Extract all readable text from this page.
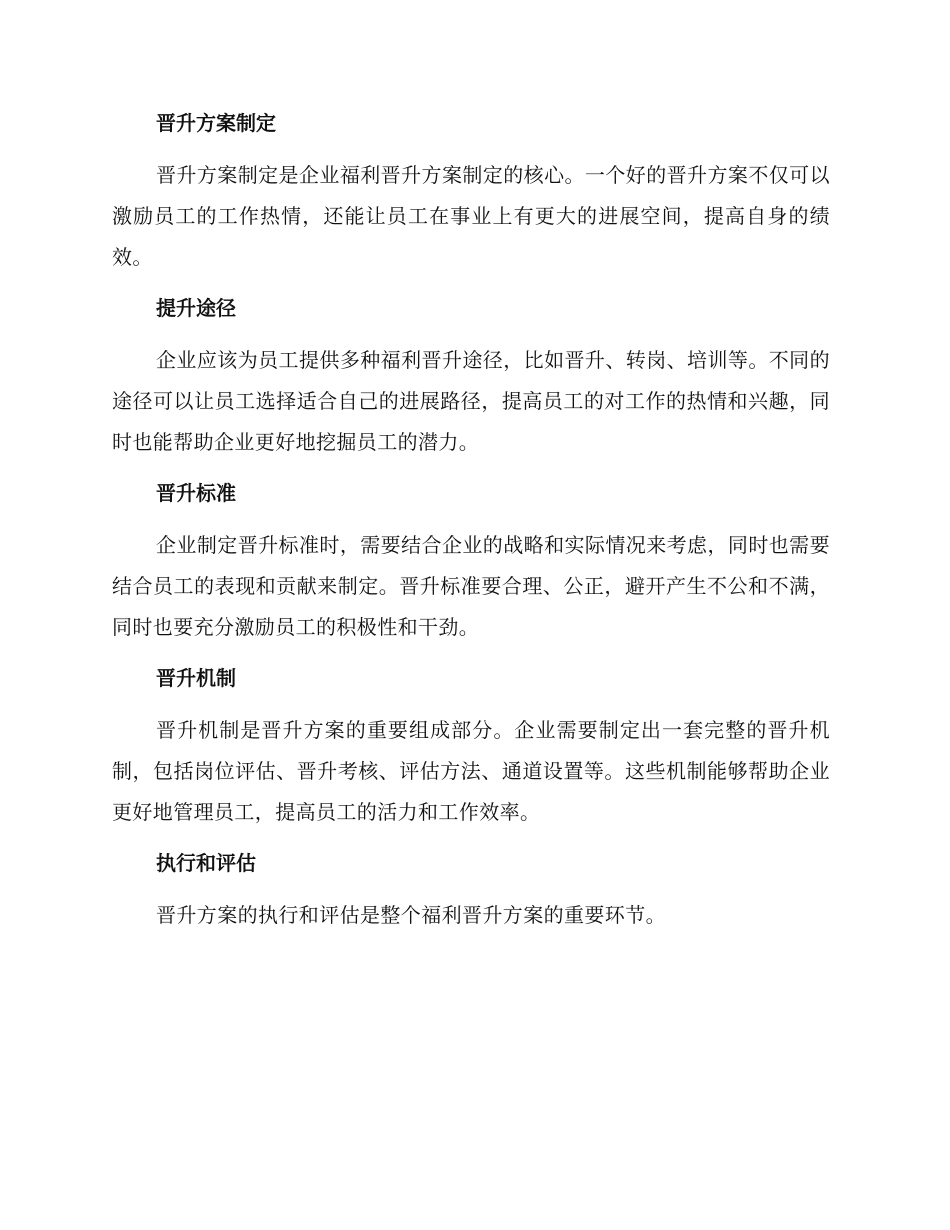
晋升方案制定

晋升方案制定是企业福利晋升方案制定的核心。一个好的晋升方案不仅可以激励员工的工作热情，还能让员工在事业上有更大的进展空间，提高自身的绩效。

提升途径

企业应该为员工提供多种福利晋升途径，比如晋升、转岗、培训等。不同的途径可以让员工选择适合自己的进展路径，提高员工的对工作的热情和兴趣，同时也能帮助企业更好地挖掘员工的潜力。

晋升标准

企业制定晋升标准时，需要结合企业的战略和实际情况来考虑，同时也需要结合员工的表现和贡献来制定。晋升标准要合理、公正，避开产生不公和不满，同时也要充分激励员工的积极性和干劲。

晋升机制

晋升机制是晋升方案的重要组成部分。企业需要制定出一套完整的晋升机制，包括岗位评估、晋升考核、评估方法、通道设置等。这些机制能够帮助企业更好地管理员工，提高员工的活力和工作效率。

执行和评估

晋升方案的执行和评估是整个福利晋升方案的重要环节。
